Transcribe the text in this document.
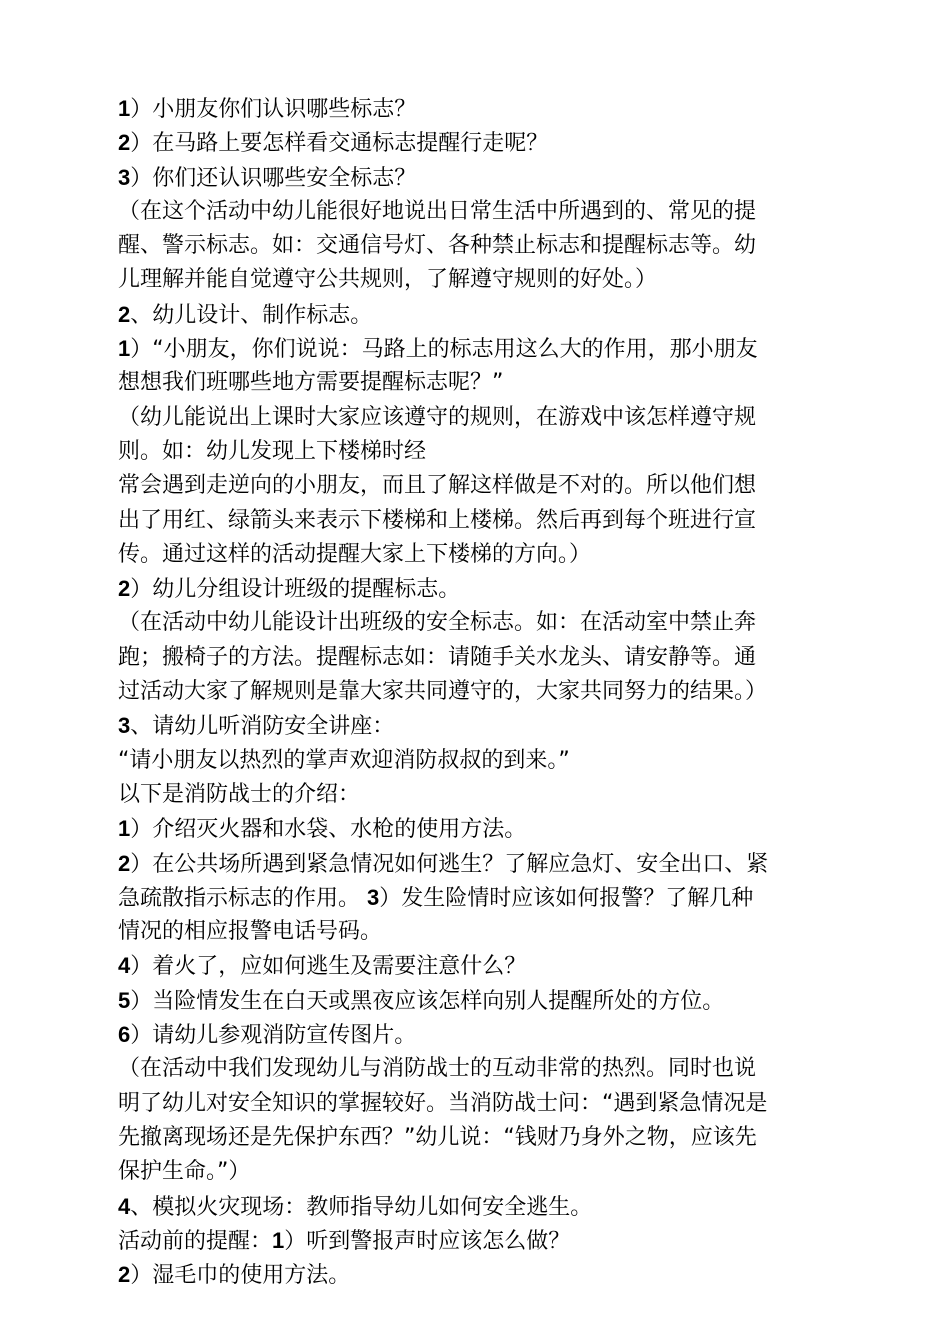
1）小朋友你们认识哪些标志？
2）在马路上要怎样看交通标志提醒行走呢？
3）你们还认识哪些安全标志？
（在这个活动中幼儿能很好地说出日常生活中所遇到的、常见的提
醒、警示标志。如：交通信号灯、各种禁止标志和提醒标志等。幼
儿理解并能自觉遵守公共规则，了解遵守规则的好处。）
2、幼儿设计、制作标志。
1）“小朋友，你们说说：马路上的标志用这么大的作用，那小朋友
想想我们班哪些地方需要提醒标志呢？”
（幼儿能说出上课时大家应该遵守的规则，在游戏中该怎样遵守规
则。如：幼儿发现上下楼梯时经
常会遇到走逆向的小朋友，而且了解这样做是不对的。所以他们想
出了用红、绿箭头来表示下楼梯和上楼梯。然后再到每个班进行宣
传。通过这样的活动提醒大家上下楼梯的方向。）
2）幼儿分组设计班级的提醒标志。
（在活动中幼儿能设计出班级的安全标志。如：在活动室中禁止奔
跑；搬椅子的方法。提醒标志如：请随手关水龙头、请安静等。通
过活动大家了解规则是靠大家共同遵守的，大家共同努力的结果。）
3、请幼儿听消防安全讲座：
“请小朋友以热烈的掌声欢迎消防叔叔的到来。”
以下是消防战士的介绍：
1）介绍灭火器和水袋、水枪的使用方法。
2）在公共场所遇到紧急情况如何逃生？了解应急灯、安全出口、紧
急疏散指示标志的作用。 3）发生险情时应该如何报警？了解几种
情况的相应报警电话号码。
4）着火了，应如何逃生及需要注意什么？
5）当险情发生在白天或黑夜应该怎样向别人提醒所处的方位。
6）请幼儿参观消防宣传图片。
（在活动中我们发现幼儿与消防战士的互动非常的热烈。同时也说
明了幼儿对安全知识的掌握较好。当消防战士问：“遇到紧急情况是
先撤离现场还是先保护东西？”幼儿说：“钱财乃身外之物，应该先
保护生命。”）
4、模拟火灾现场：教师指导幼儿如何安全逃生。
活动前的提醒：1）听到警报声时应该怎么做？
2）湿毛巾的使用方法。
